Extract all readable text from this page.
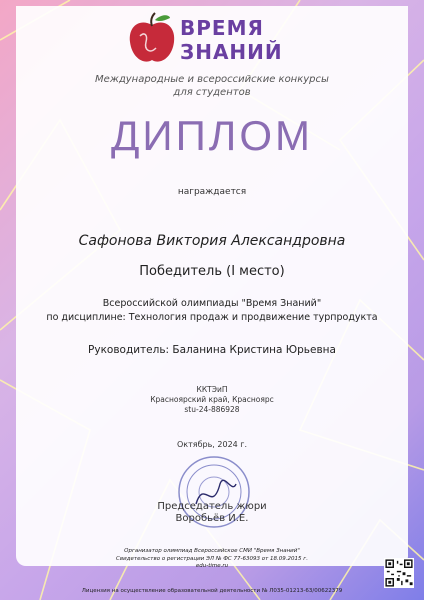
ВРЕМЯ
ЗНАНИЙ
Международные и всероссийские конкурсы
для студентов
ДИПЛОМ
награждается
Сафонова Виктория Александровна
Победитель (I место)
Всероссийской олимпиады "Время Знаний"
по дисциплине: Технология продаж и продвижение турпродукта
Руководитель: Баланина Кристина Юрьевна
ККТЭиП
Красноярский край, Красноярс
stu-24-886928
Октябрь, 2024 г.
Председатель жюри
Воробьёв И.Е.
Организатор олимпиад Всероссийское СМИ "Время Знаний"
Свидетельство о регистрации ЭЛ № ФС 77-63093 от 18.09.2015 г.
edu-time.ru
Лицензия на осуществление образовательной деятельности № Л035-01213-63/00622379
